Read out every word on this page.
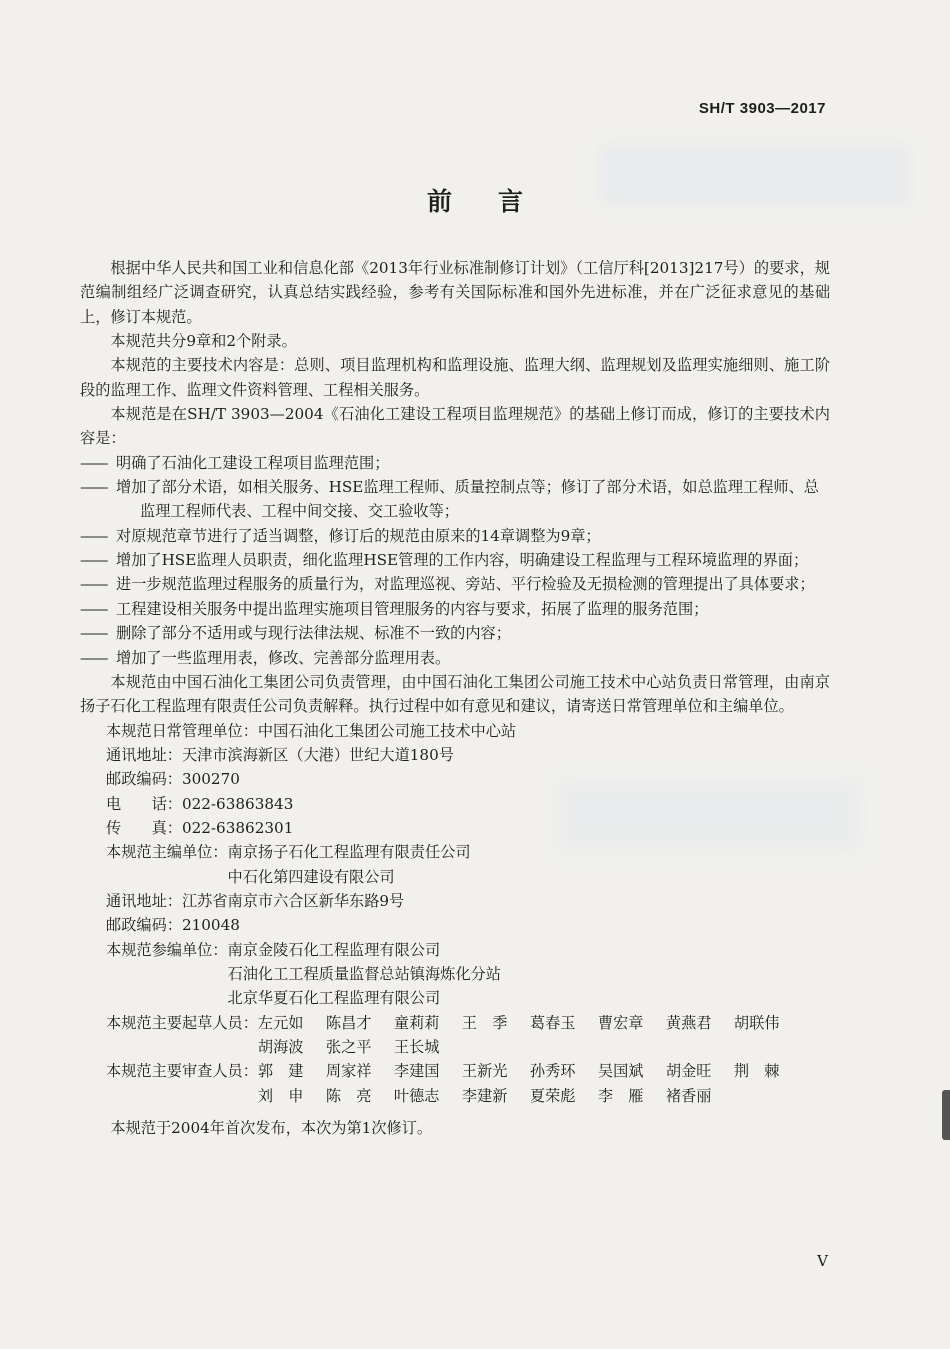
SH/T 3903—2017
前 言

根据中华人民共和国工业和信息化部《2013年行业标准制修订计划》（工信厅科[2013]217号）的要求，规范编制组经广泛调查研究，认真总结实践经验，参考有关国际标准和国外先进标准，并在广泛征求意见的基础上，修订本规范。

本规范共分9章和2个附录。

本规范的主要技术内容是：总则、项目监理机构和监理设施、监理大纲、监理规划及监理实施细则、施工阶段的监理工作、监理文件资料管理、工程相关服务。

本规范是在SH/T 3903—2004《石油化工建设工程项目监理规范》的基础上修订而成，修订的主要技术内容是：

—— 明确了石油化工建设工程项目监理范围；

—— 增加了部分术语，如相关服务、HSE监理工程师、质量控制点等；修订了部分术语，如总监理工程师、总监理工程师代表、工程中间交接、交工验收等；

—— 对原规范章节进行了适当调整，修订后的规范由原来的14章调整为9章；

—— 增加了HSE监理人员职责，细化监理HSE管理的工作内容，明确建设工程监理与工程环境监理的界面；

—— 进一步规范监理过程服务的质量行为，对监理巡视、旁站、平行检验及无损检测的管理提出了具体要求；

—— 工程建设相关服务中提出监理实施项目管理服务的内容与要求，拓展了监理的服务范围；

—— 删除了部分不适用或与现行法律法规、标准不一致的内容；

—— 增加了一些监理用表，修改、完善部分监理用表。

本规范由中国石油化工集团公司负责管理，由中国石油化工集团公司施工技术中心站负责日常管理，由南京扬子石化工程监理有限责任公司负责解释。执行过程中如有意见和建议，请寄送日常管理单位和主编单位。

本规范日常管理单位： 中国石油化工集团公司施工技术中心站
通讯地址：天津市滨海新区（大港）世纪大道180号
邮政编码：300270
电　　话：022-63863843
传　　真：022-63862301
本规范主编单位： 南京扬子石化工程监理有限责任公司
中石化第四建设有限公司
通讯地址：江苏省南京市六合区新华东路9号
邮政编码：210048
本规范参编单位： 南京金陵石化工程监理有限公司
石油化工工程质量监督总站镇海炼化分站
北京华夏石化工程监理有限公司
本规范主要起草人员： 左元如	陈昌才	童莉莉	王　季	葛春玉	曹宏章	黄燕君	胡联伟
胡海波	张之平	王长城
本规范主要审查人员： 郭　建	周家祥	李建国	王新光	孙秀环	吴国斌	胡金旺	荆　棘
刘　申	陈　亮	叶德志	李建新	夏荣彪	李　雁	褚香丽

本规范于2004年首次发布，本次为第1次修订。

V
